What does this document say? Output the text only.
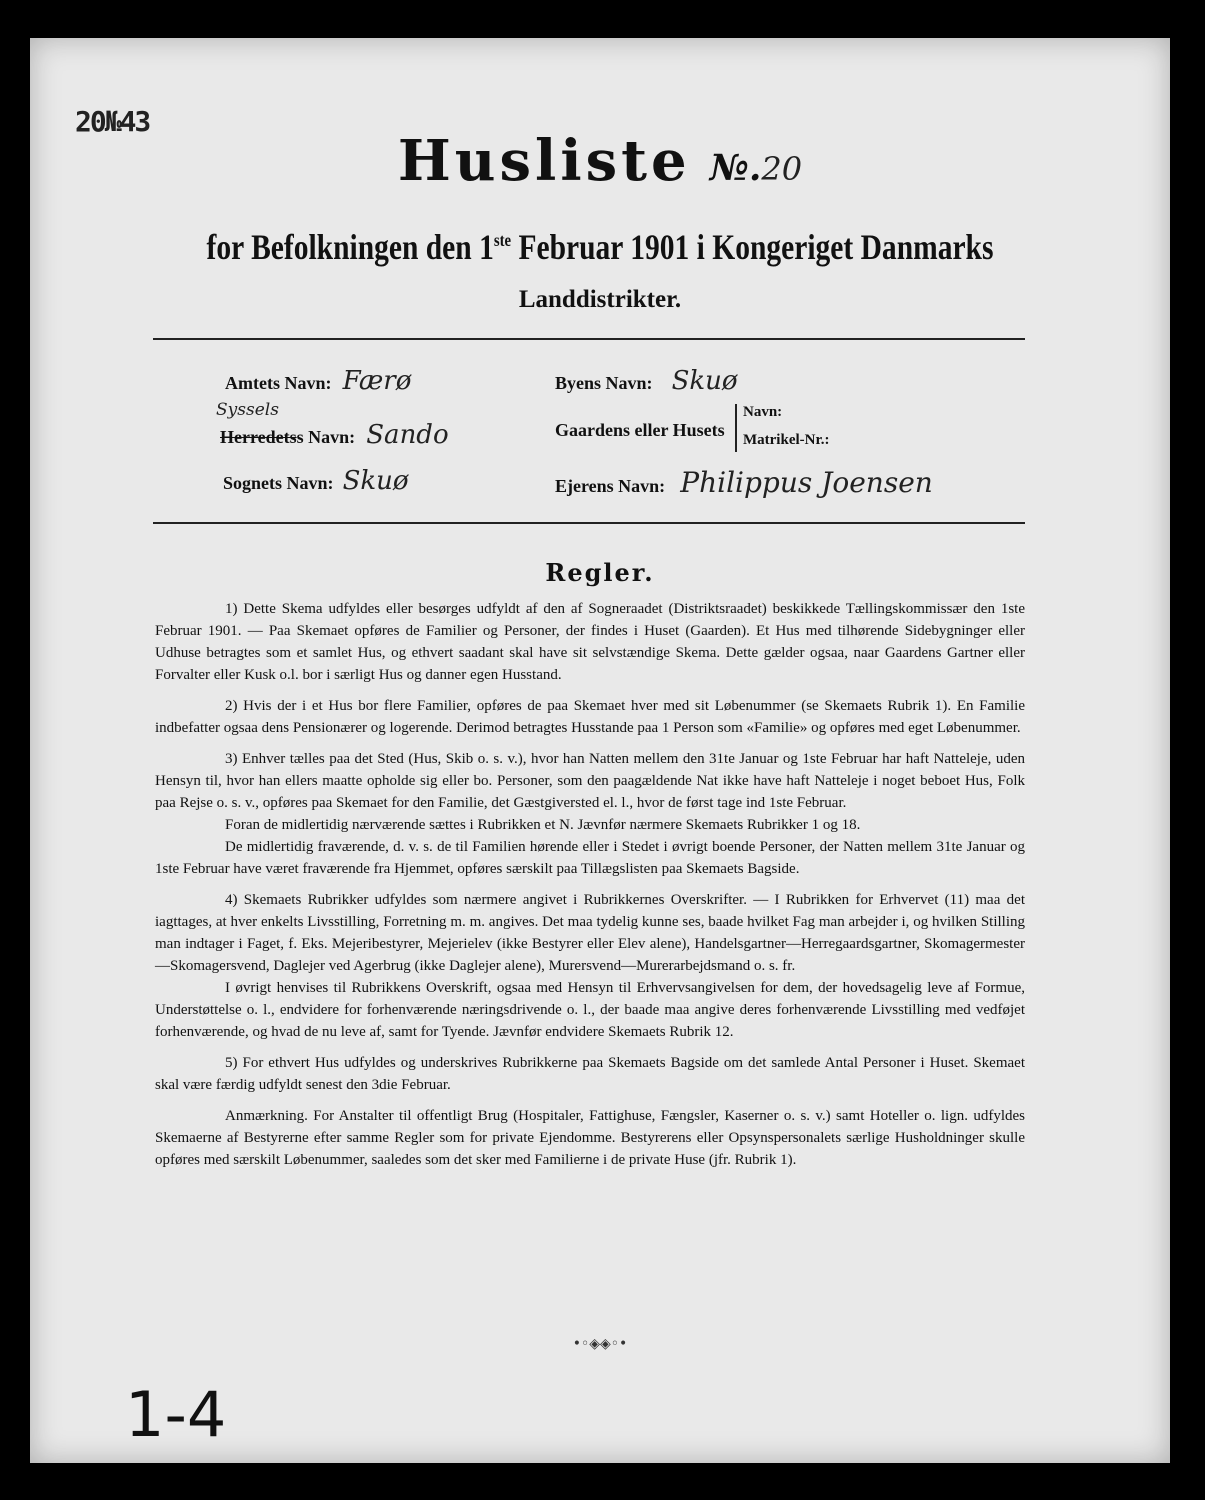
20№43
Husliste №.20
for Befolkningen den 1ste Februar 1901 i Kongeriget Danmarks
Landdistrikter.
Amtets Navn: Færø
Syssels
Herredetss Navn: Sando
Sognets Navn: Skuø
Byens Navn: Skuø
Gaardens eller Husets
Navn:
Matrikel-Nr.:
Ejerens Navn: Philippus Joensen
Regler.

1) Dette Skema udfyldes eller besørges udfyldt af den af Sogneraadet (Distriktsraadet) beskikkede Tællingskommissær den 1ste Februar 1901. — Paa Skemaet opføres de Familier og Personer, der findes i Huset (Gaarden). Et Hus med tilhørende Sidebygninger eller Udhuse betragtes som et samlet Hus, og ethvert saadant skal have sit selvstændige Skema. Dette gælder ogsaa, naar Gaardens Gartner eller Forvalter eller Kusk o.l. bor i særligt Hus og danner egen Husstand.

2) Hvis der i et Hus bor flere Familier, opføres de paa Skemaet hver med sit Løbenummer (se Skemaets Rubrik 1). En Familie indbefatter ogsaa dens Pensionærer og logerende. Derimod betragtes Husstande paa 1 Person som «Familie» og opføres med eget Løbenummer.

3) Enhver tælles paa det Sted (Hus, Skib o. s. v.), hvor han Natten mellem den 31te Januar og 1ste Februar har haft Natteleje, uden Hensyn til, hvor han ellers maatte opholde sig eller bo. Personer, som den paagældende Nat ikke have haft Natteleje i noget beboet Hus, Folk paa Rejse o. s. v., opføres paa Skemaet for den Familie, det Gæstgiversted el. l., hvor de først tage ind 1ste Februar.

Foran de midlertidig nærværende sættes i Rubrikken et N. Jævnfør nærmere Skemaets Rubrikker 1 og 18.

De midlertidig fraværende, d. v. s. de til Familien hørende eller i Stedet i øvrigt boende Personer, der Natten mellem 31te Januar og 1ste Februar have været fraværende fra Hjemmet, opføres særskilt paa Tillægslisten paa Skemaets Bagside.

4) Skemaets Rubrikker udfyldes som nærmere angivet i Rubrikkernes Overskrifter. — I Rubrikken for Erhvervet (11) maa det iagttages, at hver enkelts Livsstilling, Forretning m. m. angives. Det maa tydelig kunne ses, baade hvilket Fag man arbejder i, og hvilken Stilling man indtager i Faget, f. Eks. Mejeribestyrer, Mejerielev (ikke Bestyrer eller Elev alene), Handelsgartner—Herregaardsgartner, Skomagermester—Skomagersvend, Daglejer ved Agerbrug (ikke Daglejer alene), Murersvend—Murerarbejdsmand o. s. fr.

I øvrigt henvises til Rubrikkens Overskrift, ogsaa med Hensyn til Erhvervsangivelsen for dem, der hovedsagelig leve af Formue, Understøttelse o. l., endvidere for forhenværende næringsdrivende o. l., der baade maa angive deres forhenværende Livsstilling med vedføjet forhenværende, og hvad de nu leve af, samt for Tyende. Jævnfør endvidere Skemaets Rubrik 12.

5) For ethvert Hus udfyldes og underskrives Rubrikkerne paa Skemaets Bagside om det samlede Antal Personer i Huset. Skemaet skal være færdig udfyldt senest den 3die Februar.

Anmærkning. For Anstalter til offentligt Brug (Hospitaler, Fattighuse, Fængsler, Kaserner o. s. v.) samt Hoteller o. lign. udfyldes Skemaerne af Bestyrerne efter samme Regler som for private Ejendomme. Bestyrerens eller Opsynspersonalets særlige Husholdninger skulle opføres med særskilt Løbenummer, saaledes som det sker med Familierne i de private Huse (jfr. Rubrik 1).

•◦◈◈◦•
1-4
